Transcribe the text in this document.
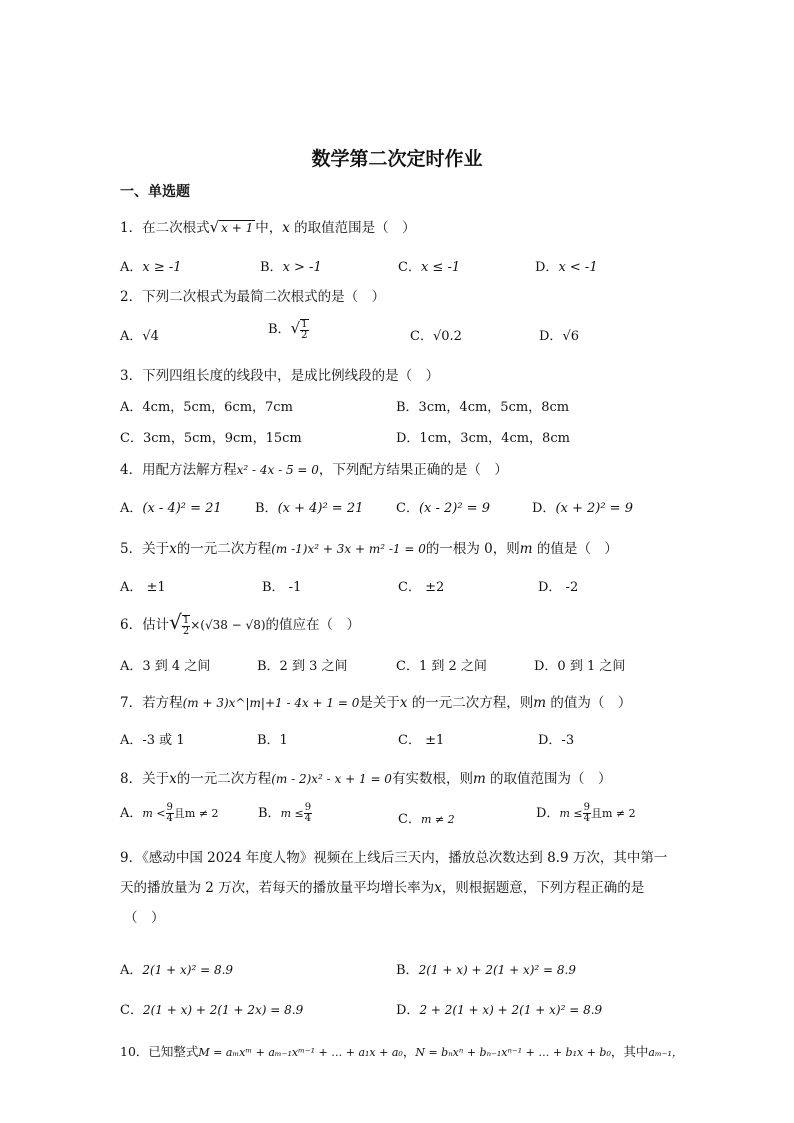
数学第二次定时作业
一、单选题
1．在二次根式√ x + 1 中，x 的取值范围是（　）
A．x ≥ -1	B．x > -1	C．x ≤ -1	D．x < -1
2．下列二次根式为最简二次根式的是（　）
A．√4	B．√ $\frac{1}{2}$	C．√0.2	D．√6
3．下列四组长度的线段中，是成比例线段的是（　）
A．4cm，5cm，6cm，7cm	B．3cm，4cm，5cm，8cm
C．3cm，5cm，9cm，15cm	D．1cm，3cm，4cm，8cm
4．用配方法解方程x² - 4x - 5 = 0，下列配方结果正确的是（　）
A．(x - 4)² = 21	B．(x + 4)² = 21	C．(x - 2)² = 9	D．(x + 2)² = 9
5．关于x的一元二次方程(m -1)x² + 3x + m² -1 = 0的一根为 0，则m 的值是（　）
A． ±1	B． -1	C． ±2	D． -2
6．估计√ $\frac{1}{2} \times(√38 - √8)$的值应在（　）
A．3 到 4 之间	B．2 到 3 之间	C．1 到 2 之间	D．0 到 1 之间
7．若方程(m + 3)x^|m|+1 - 4x + 1 = 0是关于x 的一元二次方程，则m 的值为（　）
A．-3 或 1	B．1	C． ±1	D．-3
8．关于x的一元二次方程(m - 2)x² - x + 1 = 0有实数根，则m 的取值范围为（　）
A．$m < \frac{9}{4}$ 且m ≠ 2	B．$m \le \frac{9}{4}$	C．m ≠ 2	D．$m \le \frac{9}{4}$ 且m ≠ 2
9．《感动中国 2024 年度人物》视频在上线后三天内，播放总次数达到 8.9 万次，其中第一
天的播放量为 2 万次，若每天的播放量平均增长率为x，则根据题意，下列方程正确的是
（　）
A．2(1 + x)² = 8.9	B．2(1 + x) + 2(1 + x)² = 8.9
C．2(1 + x) + 2(1 + 2x) = 8.9	D．2 + 2(1 + x) + 2(1 + x)² = 8.9
10．已知整式M = aₘxᵐ + aₘ₋₁xᵐ⁻¹ + … + a₁x + a₀，N = bₙxⁿ + bₙ₋₁xⁿ⁻¹ + … + b₁x + b₀，其中aₘ₋₁，
